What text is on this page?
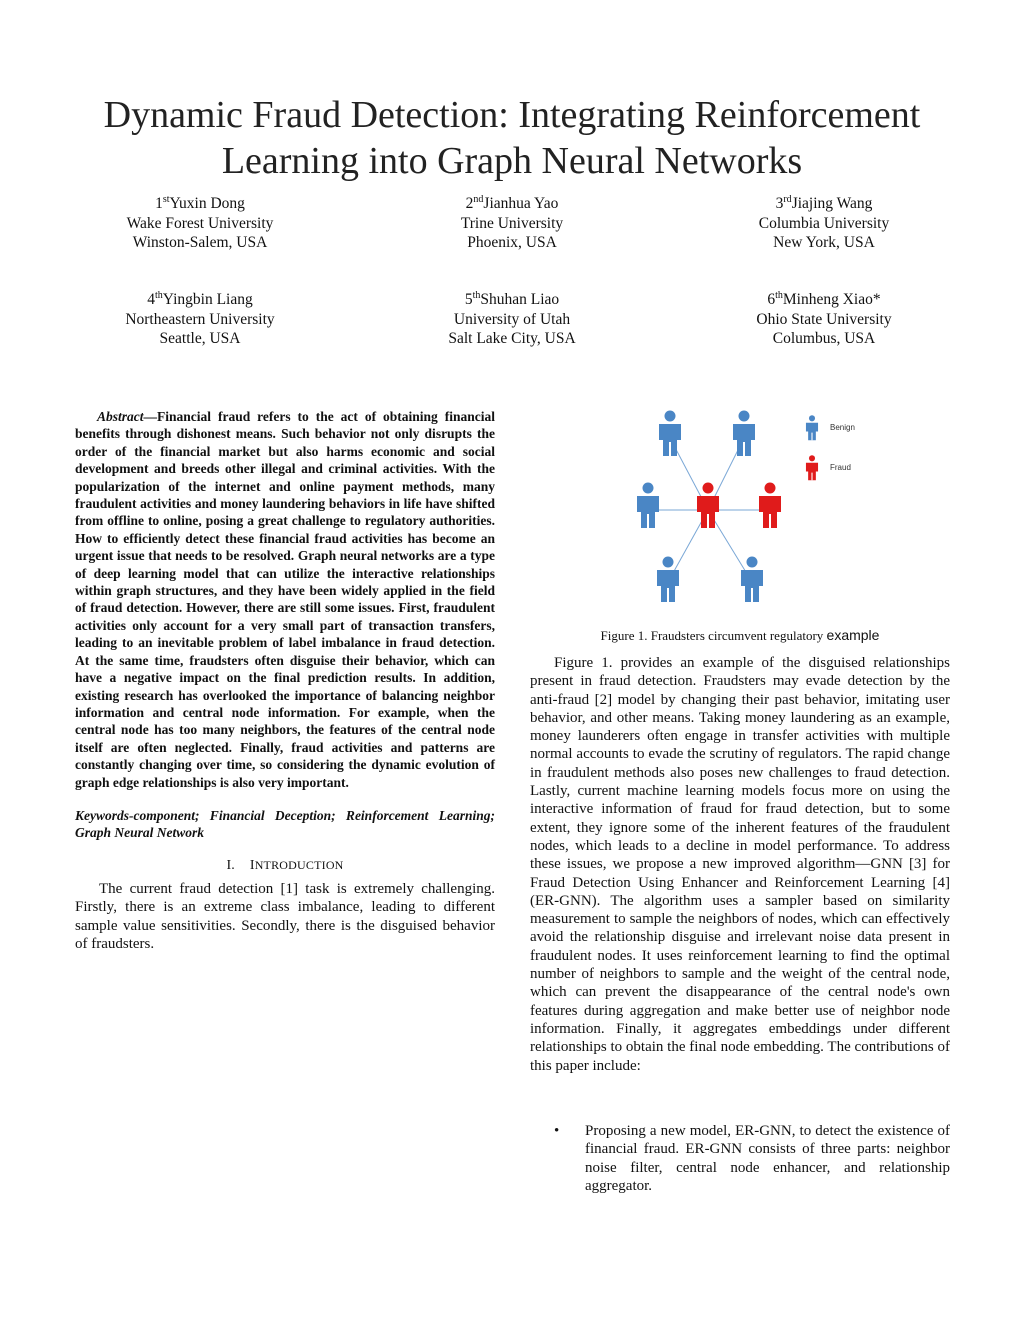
Dynamic Fraud Detection: Integrating Reinforcement
Learning into Graph Neural Networks
1stYuxin Dong
Wake Forest University
Winston-Salem, USA
2ndJianhua Yao
Trine University
Phoenix, USA
3rdJiajing Wang
Columbia University
New York, USA
4thYingbin Liang
Northeastern University
Seattle, USA
5thShuhan Liao
University of Utah
Salt Lake City, USA
6thMinheng Xiao*
Ohio State University
Columbus, USA

Abstract—Financial fraud refers to the act of obtaining financial benefits through dishonest means. Such behavior not only disrupts the order of the financial market but also harms economic and social development and breeds other illegal and criminal activities. With the popularization of the internet and online payment methods, many fraudulent activities and money laundering behaviors in life have shifted from offline to online, posing a great challenge to regulatory authorities. How to efficiently detect these financial fraud activities has become an urgent issue that needs to be resolved. Graph neural networks are a type of deep learning model that can utilize the interactive relationships within graph structures, and they have been widely applied in the field of fraud detection. However, there are still some issues. First, fraudulent activities only account for a very small part of transaction transfers, leading to an inevitable problem of label imbalance in fraud detection. At the same time, fraudsters often disguise their behavior, which can have a negative impact on the final prediction results. In addition, existing research has overlooked the importance of balancing neighbor information and central node information. For example, when the central node has too many neighbors, the features of the central node itself are often neglected. Finally, fraud activities and patterns are constantly changing over time, so considering the dynamic evolution of graph edge relationships is also very important.

Keywords-component; Financial Deception; Reinforcement Learning; Graph Neural Network

I. INTRODUCTION

The current fraud detection [1] task is extremely challenging. Firstly, there is an extreme class imbalance, leading to different sample value sensitivities. Secondly, there is the disguised behavior of fraudsters.

Benign
Fraud
Figure 1. Fraudsters circumvent regulatory example

Figure 1. provides an example of the disguised relationships present in fraud detection. Fraudsters may evade detection by the anti-fraud [2] model by changing their past behavior, imitating user behavior, and other means. Taking money laundering as an example, money launderers often engage in transfer activities with multiple normal accounts to evade the scrutiny of regulators. The rapid change in fraudulent methods also poses new challenges to fraud detection. Lastly, current machine learning models focus more on using the interactive information of fraud for fraud detection, but to some extent, they ignore some of the inherent features of the fraudulent nodes, which leads to a decline in model performance. To address these issues, we propose a new improved algorithm—GNN [3] for Fraud Detection Using Enhancer and Reinforcement Learning [4] (ER-GNN). The algorithm uses a sampler based on similarity measurement to sample the neighbors of nodes, which can effectively avoid the relationship disguise and irrelevant noise data present in fraudulent nodes. It uses reinforcement learning to find the optimal number of neighbors to sample and the weight of the central node, which can prevent the disappearance of the central node's own features during aggregation and make better use of neighbor node information. Finally, it aggregates embeddings under different relationships to obtain the final node embedding. The contributions of this paper include:

• Proposing a new model, ER-GNN, to detect the existence of financial fraud. ER-GNN consists of three parts: neighbor noise filter, central node enhancer, and relationship aggregator.
